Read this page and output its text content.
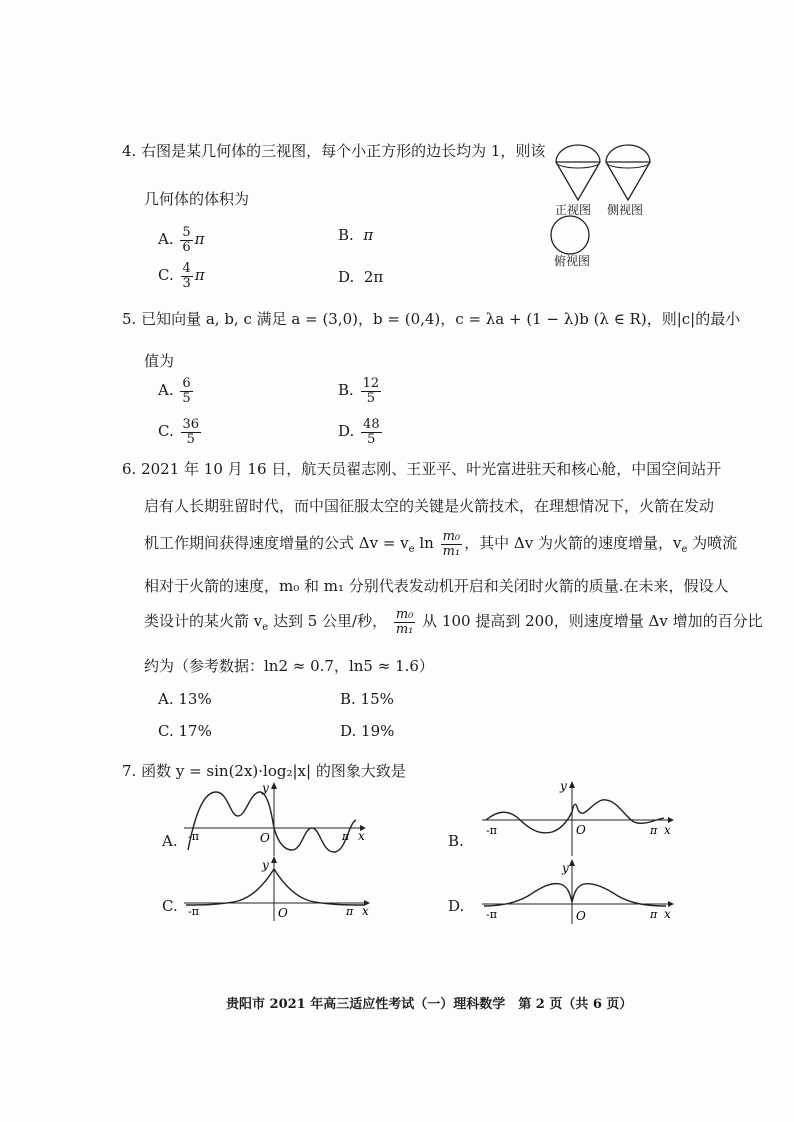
4. 右图是某几何体的三视图，每个小正方形的边长均为 1，则该
几何体的体积为
A. $\frac{5}{6}$ π	B. π
C. $\frac{4}{3}$ π	D. 2π
正视图 侧视图
俯视图
5. 已知向量 a, b, c 满足 a = (3,0)，b = (0,4)，c = λa + (1 − λ)b (λ ∈ R)，则|c|的最小
值为
A. $\frac{6}{5}$	B. $\frac{12}{5}$
C. $\frac{36}{5}$	D. $\frac{48}{5}$
6. 2021 年 10 月 16 日，航天员翟志刚、王亚平、叶光富进驻天和核心舱，中国空间站开
启有人长期驻留时代，而中国征服太空的关键是火箭技术，在理想情况下，火箭在发动
机工作期间获得速度增量的公式 $\Delta v = v_e$ $\ln \frac{\text{m₀}}{\text{m₁}}$ ，其中 Δv 为火箭的速度增量，$v_e$ 为喷流
相对于火箭的速度，m₀ 和 m₁ 分别代表发动机开启和关闭时火箭的质量.在未来，假设人
类设计的某火箭 $v_e$ 达到 5 公里/秒， $\frac{\text{m₀}}{\text{m₁}}$ 从 100 提高到 200，则速度增量 Δv 增加的百分比
约为（参考数据：ln2 ≈ 0.7，ln5 ≈ 1.6）
A. 13%	B. 15%
C. 17%	D. 19%
7. 函数 y = sin(2x)·log₂|x| 的图象大致是
A.	B.
C.	D.
-π	π x
y
O
-π	π x
y
O
-π	π x
y
O	-π	π x
y
O
贵阳市 2021 年高三适应性考试（一）理科数学　第 2 页（共 6 页）
